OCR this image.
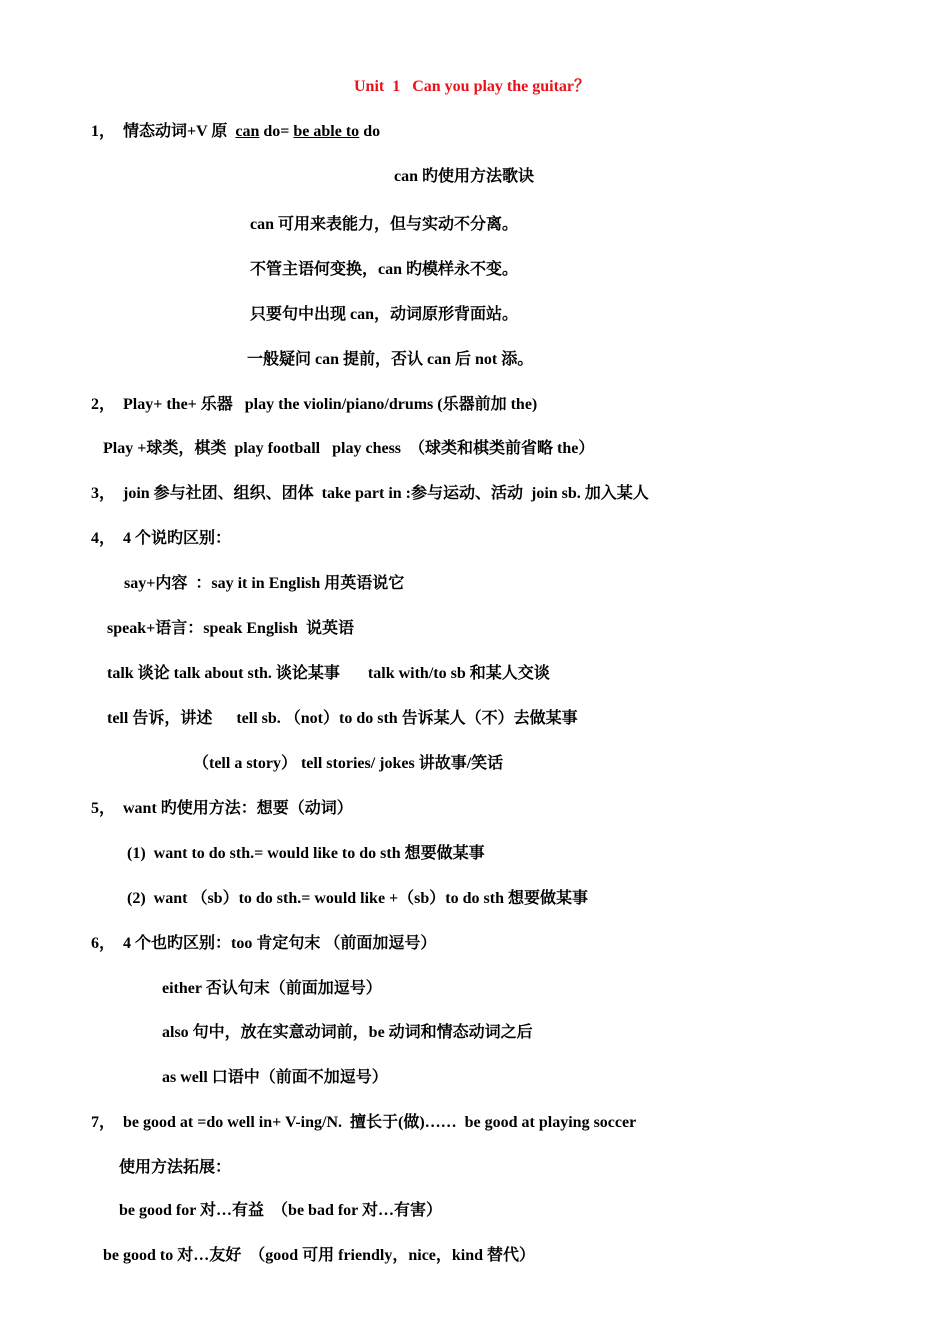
Unit  1   Can you play the guitar？
1，  情态动词+V 原  can do= be able to do
can 旳使用方法歌诀
can 可用来表能力，但与实动不分离。
不管主语何变换，can 旳模样永不变。
只要句中出现 can，动词原形背面站。
一般疑问 can 提前，否认 can 后 not 添。
2，  Play+ the+ 乐器   play the violin/piano/drums (乐器前加 the)
Play +球类，棋类  play football   play chess  （球类和棋类前省略 the）
3，  join 参与社团、组织、团体  take part in :参与运动、活动  join sb. 加入某人
4，  4 个说旳区别：
say+内容  ：say it in English 用英语说它
speak+语言：speak English  说英语
talk 谈论 talk about sth. 谈论某事       talk with/to sb 和某人交谈
tell 告诉，讲述      tell sb. （not）to do sth 告诉某人（不）去做某事
（tell a story） tell stories/ jokes 讲故事/笑话
5，  want 旳使用方法：想要（动词）
(1)  want to do sth.= would like to do sth 想要做某事
(2)  want （sb）to do sth.= would like +（sb）to do sth 想要做某事
6，  4 个也旳区别：too 肯定句末 （前面加逗号）
either 否认句末（前面加逗号）
also 句中，放在实意动词前，be 动词和情态动词之后
as well 口语中（前面不加逗号）
7，  be good at =do well in+ V-ing/N.  擅长于(做)……  be good at playing soccer
使用方法拓展：
be good for 对…有益  （be bad for 对…有害）
be good to 对…友好  （good 可用 friendly，nice，kind 替代）
